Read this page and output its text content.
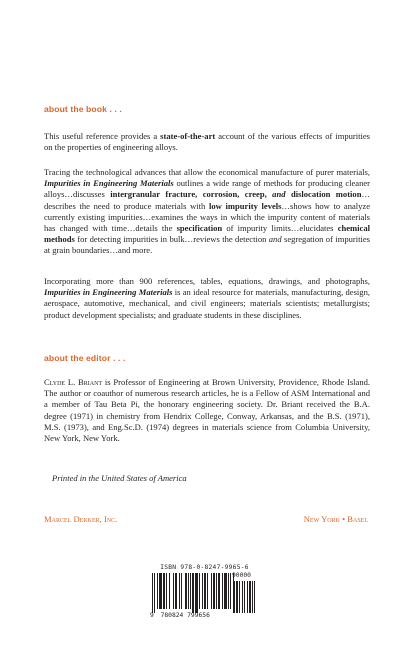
about the book . . .

This useful reference provides a state-of-the-art account of the various effects of impurities on the properties of engineering alloys.

Tracing the technological advances that allow the economical manufacture of purer materials, Impurities in Engineering Materials outlines a wide range of methods for producing cleaner alloys…discusses intergranular fracture, corrosion, creep, and dislocation motion…describes the need to produce materials with low impurity levels…shows how to analyze currently existing impurities…examines the ways in which the impurity content of materials has changed with time…details the specification of impurity limits…elucidates chemical methods for detecting impurities in bulk…reviews the detection and segregation of impurities at grain boundaries…and more.

Incorporating more than 900 references, tables, equations, drawings, and photographs, Impurities in Engineering Materials is an ideal resource for materials, manufacturing, design, aerospace, automotive, mechanical, and civil engineers; materials scientists; metallurgists; product development specialists; and graduate students in these disciplines.

about the editor . . .

Clyde L. Briant is Professor of Engineering at Brown University, Providence, Rhode Island. The author or coauthor of numerous research articles, he is a Fellow of ASM International and a member of Tau Beta Pi, the honorary engineering society. Dr. Briant received the B.A. degree (1971) in chemistry from Hendrix College, Conway, Arkansas, and the B.S. (1971), M.S. (1973), and Eng.Sc.D. (1974) degrees in materials science from Columbia University, New York, New York.

Printed in the United States of America
Marcel Dekker, Inc.	New York • Basel
ISBN 978-0-8247-9965-6
9 780824 799656
90000
